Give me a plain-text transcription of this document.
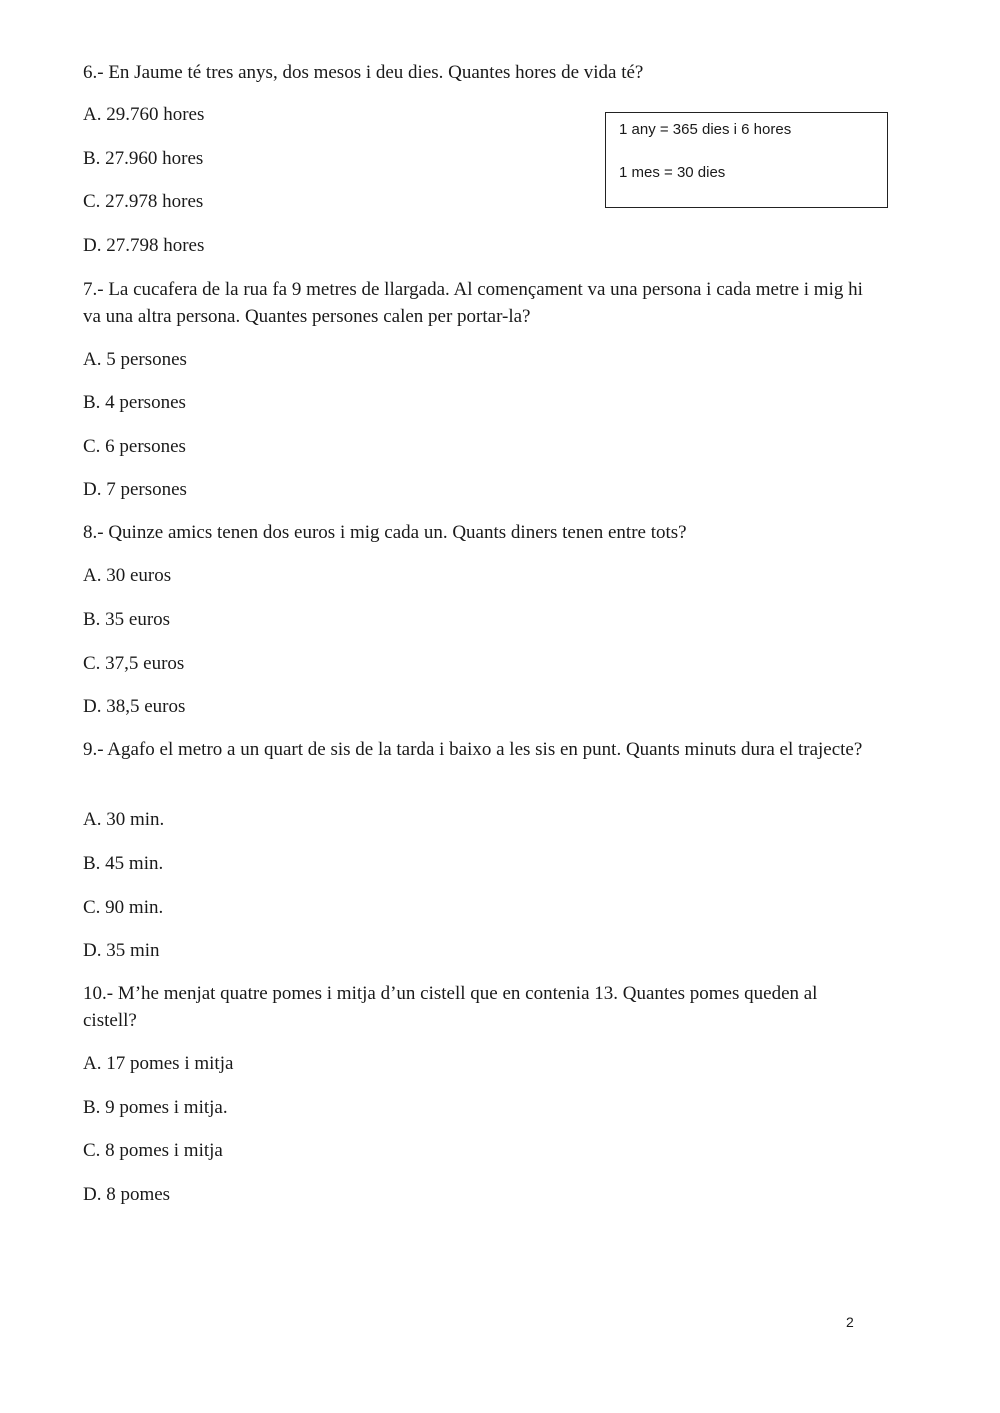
6.- En Jaume té tres anys, dos mesos i deu dies. Quantes hores de vida té?
A. 29.760 hores
B. 27.960 hores
C. 27.978 hores
D. 27.798 hores
1 any = 365 dies i 6 hores
1 mes = 30 dies
7.- La cucafera de la rua fa 9 metres de llargada. Al començament va una persona i cada metre i mig hi va una altra persona. Quantes persones calen per portar-la?
A. 5 persones
B. 4 persones
C. 6 persones
D. 7 persones
8.- Quinze amics tenen dos euros i mig cada un. Quants diners tenen entre tots?
A. 30 euros
B. 35 euros
C. 37,5 euros
D. 38,5 euros
9.- Agafo el metro a un quart de sis de la tarda i baixo a les sis en punt. Quants minuts dura el trajecte?
A. 30 min.
B. 45 min.
C. 90 min.
D. 35 min
10.- M’he menjat quatre pomes i mitja d’un cistell que en contenia 13. Quantes pomes queden al cistell?
A. 17 pomes i mitja
B. 9 pomes i mitja.
C. 8 pomes i mitja
D. 8 pomes
2
